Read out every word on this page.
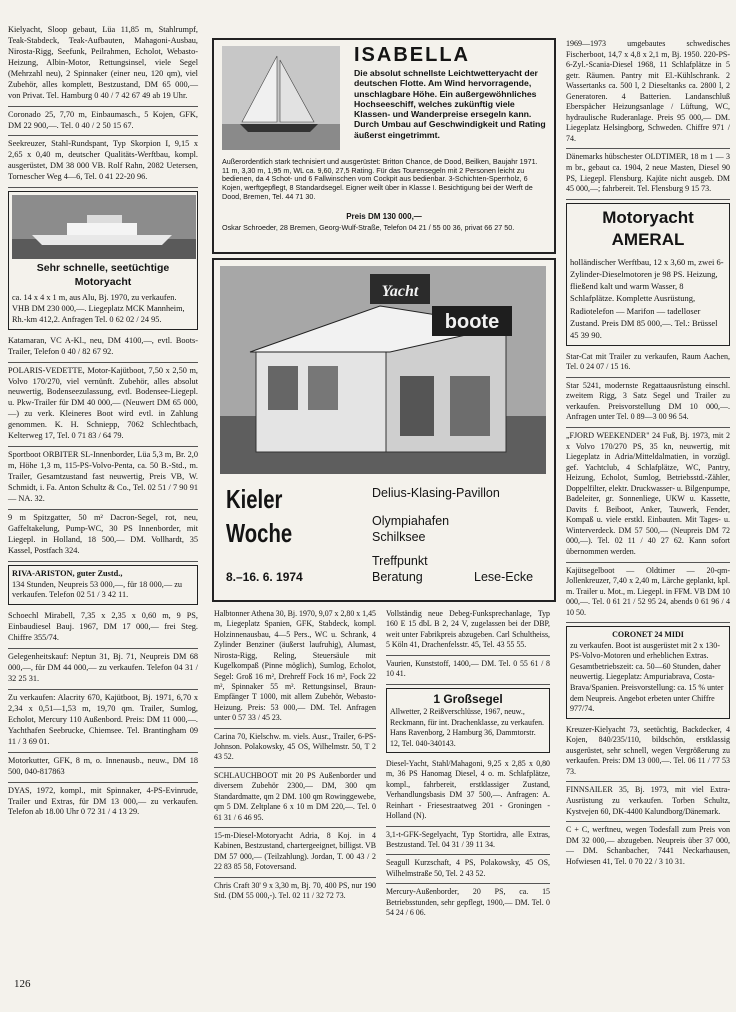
Kielyacht, Sloop gebaut, Lüa 11,85 m, Stahlrumpf, Teak-Stabdeck, Teak-Aufbauten, Mahagoni-Ausbau, Nirosta-Rigg, Seefunk, Peilrahmen, Echolot, Webasto-Heizung, Albin-Motor, Rettungsinsel, viele Segel (Mehrzahl neu), 2 Spinnaker (einer neu, 120 qm), viel Zubehör, alles komplett, Bestzustand, DM 65 000,— von Privat. Tel. Hamburg 0 40 / 7 42 67 49 ab 19 Uhr.
Coronado 25, 7,70 m, Einbaumasch., 5 Kojen, GFK, DM 22 900,—. Tel. 0 40 / 2 50 15 67.
Seekreuzer, Stahl-Rundspant, Typ Skorpion I, 9,15 x 2,65 x 0,40 m, deutscher Qualitäts-Werftbau, kompl. ausgerüstet, DM 38 000 VB. Rolf Rahn, 2082 Uetersen, Tornescher Weg 4—6, Tel. 0 41 22-20 96.
Sehr schnelle, seetüchtige Motoryacht
ca. 14 x 4 x 1 m, aus Alu, Bj. 1970, zu verkaufen. VHB DM 230 000,—. Liegeplatz MCK Mannheim, Rh.-km 412,2. Anfragen Tel. 0 62 02 / 24 95.
Katamaran, VC A-Kl., neu, DM 4100,—, evtl. Boots-Trailer, Telefon 0 40 / 82 67 92.
POLARIS-VEDETTE, Motor-Kajütboot, 7,50 x 2,50 m, Volvo 170/270, viel vernünft. Zubehör, alles absolut neuwertig, Bodenseezulassung, evtl. Bodensee-Liegepl. u. Pkw-Trailer für DM 40 000,— (Neuwert DM 65 000,—) zu verk. Kleineres Boot wird evtl. in Zahlung genommen. K. H. Schniepp, 7062 Schlechtbach, Kelterweg 17, Tel. 0 71 83 / 64 79.
Sportboot ORBITER SL-Innenborder, Lüa 5,3 m, Br. 2,0 m, Höhe 1,3 m, 115-PS-Volvo-Penta, ca. 50 B.-Std., m. Trailer, Gesamtzustand fast neuwertig, Preis VB, W. Schmidt, i. Fa. Anton Schultz & Co., Tel. 02 51 / 7 90 91 — NA. 32.
9 m Spitzgatter, 50 m² Dacron-Segel, rot, neu, Gaffeltakelung, Pump-WC, 30 PS Innenborder, mit Liegepl. in Holland, 18 500,— DM. Vollhardt, 35 Kassel, Postfach 324.
RIVA-ARISTON, guter Zustd.,
134 Stunden, Neupreis 53 000,—, für 18 000,— zu verkaufen. Telefon 02 51 / 3 42 11.
Schoechl Mirabell, 7,35 x 2,35 x 0,60 m, 9 PS, Einbaudiesel Bauj. 1967, DM 17 000,— frei Steg. Chiffre 355/74.
Gelegenheitskauf: Neptun 31, Bj. 71, Neupreis DM 68 000,—, für DM 44 000,— zu verkaufen. Telefon 04 31 / 32 25 31.
Zu verkaufen: Alacrity 670, Kajütboot, Bj. 1971, 6,70 x 2,34 x 0,51—1,53 m, 19,70 qm. Trailer, Sumlog, Echolot, Mercury 110 Außenbord. Preis: DM 11 000,—. Yachthafen Seebrucke, Chiemsee. Tel. Brantingham 09 11 / 3 69 01.
Motorkutter, GFK, 8 m, o. Innenausb., neuw., DM 18 500, 040-817863
DYAS, 1972, kompl., mit Spinnaker, 4-PS-Evinrude, Trailer und Extras, für DM 13 000,— zu verkaufen. Telefon ab 18.00 Uhr 0 72 31 / 4 13 29.
ISABELLA
Die absolut schnellste Leichtwetteryacht der deutschen Flotte. Am Wind hervorragende, unschlagbare Höhe. Ein außergewöhnliches Hochseeschiff, welches zukünftig viele Klassen- und Wanderpreise ersegeln kann. Durch Umbau auf Geschwindigkeit und Rating äußerst eingetrimmt.
Außerordentlich stark technisiert und ausgerüstet: Britton Chance, de Dood, Beilken, Baujahr 1971. 11 m, 3,30 m, 1,95 m, WL ca. 9,60, 27,5 Rating. Für das Tourensegeln mit 2 Personen leicht zu bedienen, da 4 Schot- und 6 Fallwinschen vom Cockpit aus bedienbar. 3-Schichten-Sperrholz, 6 Kojen, werftgepflegt, 8 Standardsegel. Eigner weilt über in Klasse I. Besichtigung bei der Werft de Dood, Bremen, Tel. 44 71 30.
Preis DM 130 000,—
Oskar Schroeder, 28 Bremen, Georg-Wulf-Straße, Telefon 04 21 / 55 00 36, privat 66 27 50.
Yacht
boote
Kieler
Woche
8.–16. 6. 1974
Delius-Klasing-Pavillon
Olympiahafen
Schilksee
Treffpunkt
Beratung	Lese-Ecke
Halbtonner Athena 30, Bj. 1970, 9,07 x 2,80 x 1,45 m, Liegeplatz Spanien, GFK, Stabdeck, kompl. Holzinnenausbau, 4—5 Pers., WC u. Schrank, 4 Zylinder Benziner (äußerst laufruhig), Alumast, Nirosta-Rigg, Reling, Steuersäule mit Kugelkompaß (Pinne möglich), Sumlog, Echolot, Segel: Groß 16 m², Drehreff Fock 16 m², Fock 22 m², Spinnaker 55 m². Rettungsinsel, Braun-Empfänger T 1000, mit allem Zubehör, Webasto-Heizung. Preis: 53 000,— DM. Tel. Anfragen unter 0 57 33 / 45 23.
Carina 70, Kielschw. m. viels. Ausr., Trailer, 6-PS-Johnson. Polakowsky, 45 OS, Wilhelmstr. 50, T 2 43 52.
SCHLAUCHBOOT mit 20 PS Außenborder und diversem Zubehör 2300,— DM, 300 qm Standardmatte, qm 2 DM. 100 qm Rowinggewebe, qm 5 DM. Zeltplane 6 x 10 m DM 220,—. Tel. 0 61 31 / 6 46 95.
15-m-Diesel-Motoryacht Adria, 8 Koj. in 4 Kabinen, Bestzustand, chartergeeignet, billigst. VB DM 57 000,— (Teilzahlung). Jordan, T. 00 43 / 2 22 83 85 58, Fotoversand.
Chris Craft 30' 9 x 3,30 m, Bj. 70, 400 PS, nur 190 Std. (DM 55 000,-). Tel. 02 11 / 32 72 73.
Vollständig neue Debeg-Funksprechanlage, Typ 160 E 15 dbL B 2, 24 V, zugelassen bei der DBP, weit unter Fabrikpreis abzugeben. Carl Schultheiss, 5 Köln 41, Drachenfelsstr. 45, Tel. 43 55 55.
Vaurien, Kunststoff, 1400,— DM. Tel. 0 55 61 / 8 10 41.
1 Großsegel
Allwetter, 2 Reißverschlüsse, 1967, neuw., Reckmann, für int. Drachenklasse, zu verkaufen. Hans Ravenborg, 2 Hamburg 36, Dammtorstr. 12, Tel. 040-340143.
Diesel-Yacht, Stahl/Mahagoni, 9,25 x 2,85 x 0,80 m, 36 PS Hanomag Diesel, 4 o. m. Schlafplätze, kompl., fahrbereit, erstklassiger Zustand, Verhandlungsbasis DM 37 500,—. Anfragen: A. Reinhart - Friesestraatweg 201 - Groningen - Holland (N).
3,1-t-GFK-Segelyacht, Typ Stortidra, alle Extras, Bestzustand. Tel. 04 31 / 39 11 34.
Seagull Kurzschaft, 4 PS, Polakowsky, 45 OS, Wilhelmstraße 50, Tel. 2 43 52.
Mercury-Außenborder, 20 PS, ca. 15 Betriebsstunden, sehr gepflegt, 1900,— DM. Tel. 0 54 24 / 6 06.
1969—1973 umgebautes schwedisches Fischerboot, 14,7 x 4,8 x 2,1 m, Bj. 1950. 220-PS-6-Zyl.-Scania-Diesel 1968, 11 Schlafplätze in 5 getr. Räumen. Pantry mit El.-Kühlschrank. 2 Wassertanks ca. 500 l, 2 Dieseltanks ca. 2800 l, 2 Generatoren. 4 Batterien. Landanschluß Eberspächer Heizungsanlage / Lüftung, WC, hydraulische Ruderanlage. Preis 95 000,— DM. Liegeplatz Helsingborg, Schweden. Chiffre 971 / 74.
Dänemarks hübschester OLDTIMER, 18 m 1 — 3 m br., gebaut ca. 1904, 2 neue Masten, Diesel 90 PS, Liegepl. Flensburg. Kajüte nicht ausgeb. DM 45 000,—; fahrbereit. Tel. Flensburg 9 15 73.
Motoryacht
AMERAL
holländischer Werftbau, 12 x 3,60 m, zwei 6-Zylinder-Dieselmotoren je 98 PS. Heizung, fließend kalt und warm Wasser, 8 Schlafplätze. Komplette Ausrüstung, Radiotelefon — Marifon — tadelloser Zustand. Preis DM 85 000,—. Tel.: Brüssel 45 39 90.
Star-Cat mit Trailer zu verkaufen, Raum Aachen, Tel. 0 24 07 / 15 16.
Star 5241, modernste Regattaausrüstung einschl. zweitem Rigg, 3 Satz Segel und Trailer zu verkaufen. Preisvorstellung DM 10 000,—. Anfragen unter Tel. 0 89—3 00 96 54.
„FJORD WEEKENDER" 24 Fuß, Bj. 1973, mit 2 x Volvo 170/270 PS, 35 kn, neuwertig, mit Liegeplatz in Adria/Mitteldalmatien, in vorzügl. gef. Yachtclub, 4 Schlafplätze, WC, Pantry, Heizung, Echolot, Sumlog, Betriebsstd.-Zähler, Doppelfilter, elektr. Druckwasser- u. Bilgenpumpe, Badeleiter, gr. Sonnenliege, UKW u. Kassette, Davits f. Beiboot, Anker, Tauwerk, Fender, Kompaß u. viele erstkl. Einbauten. Mit Tages- u. Winterverdeck. DM 57 500,— (Neupreis DM 72 000,—). Tel. 02 11 / 40 27 62. Kann sofort übernommen werden.
Kajütsegelboot — Oldtimer — 20-qm-Jollenkreuzer, 7,40 x 2,40 m, Lärche geplankt, kpl. m. Trailer u. Mot., m. Liegepl. in FFM. VB DM 10 000,—. Tel. 0 61 21 / 52 95 24, abends 0 61 96 / 4 10 50.
CORONET 24 MIDI
zu verkaufen. Boot ist ausgerüstet mit 2 x 130-PS-Volvo-Motoren und erheblichen Extras. Gesamtbetriebszeit: ca. 50—60 Stunden, daher neuwertig. Liegeplatz: Ampuriabrava, Costa-Brava/Spanien. Preisvorstellung: ca. 15 % unter dem Neupreis. Angebot erbeten unter Chiffre 977/74.
Kreuzer-Kielyacht 73, seetüchtig, Backdecker, 4 Kojen, 840/235/110, bildschön, erstklassig ausgerüstet, sehr schnell, wegen Vergrößerung zu verkaufen. Preis: DM 13 000,—. Tel. 06 11 / 77 53 73.
FINNSAILER 35, Bj. 1973, mit viel Extra-Ausrüstung zu verkaufen. Torben Schultz, Kystvejen 60, DK-4400 Kalundborg/Dänemark.
C + C, werftneu, wegen Todesfall zum Preis von DM 32 000,— abzugeben. Neupreis über 37 000,— DM. Schanbacher, 7441 Neckarhausen, Hofwiesen 41, Tel. 0 70 22 / 3 10 31.
126
